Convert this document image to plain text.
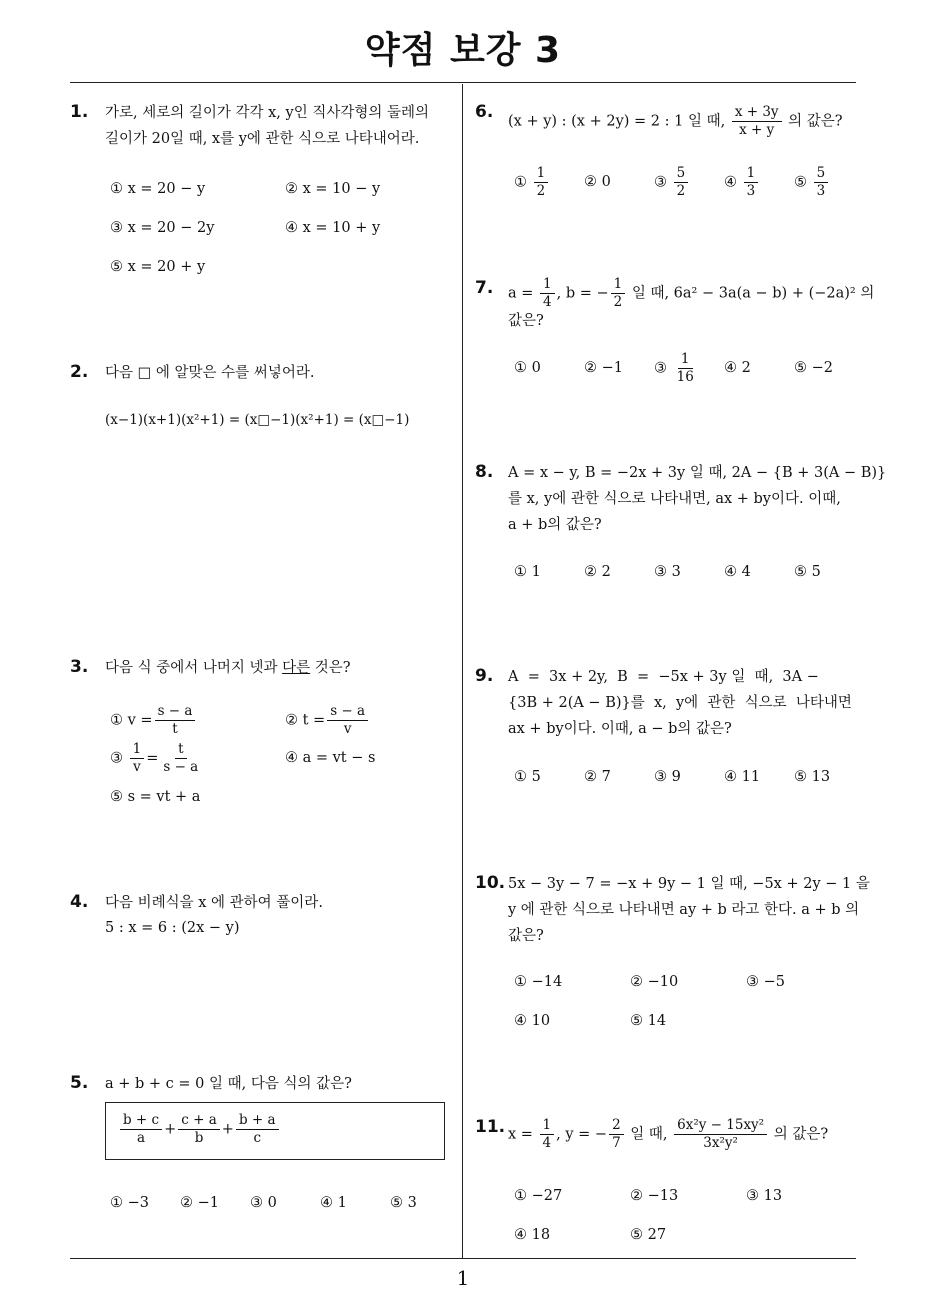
약점 보강 3
1
1. 가로, 세로의 길이가 각각 x, y인 직사각형의 둘레의
길이가 20일 때, x를 y에 관한 식으로 나타내어라.
① x = 20 − y	② x = 10 − y
③ x = 20 − 2y	④ x = 10 + y
⑤ x = 20 + y
2. 다음 □ 에 알맞은 수를 써넣어라.
(x−1)(x+1)(x²+1) = (x□−1)(x²+1) = (x□−1)
3. 다음 식 중에서 나머지 넷과 다른 것은?
① $v = \frac{s - a}{t}$	② $t = \frac{s - a}{v}$
③ $\frac{1}{v} = \frac{t}{s - a}$	④ a = vt − s
⑤ s = vt + a
4. 다음 비례식을 x 에 관하여 풀이라.
5 : x = 6 : (2x − y)
5. a + b + c = 0 일 때, 다음 식의 값은?
$\frac{b + c}{a} + \frac{c + a}{b} + \frac{b + a}{c}$
① −3 ② −1 ③ 0	④ 1	⑤ 3
6. (x + y) : (x + 2y) = 2 : 1 일 때, $\frac{x + 3y}{x + y}$ 의 값은?
① $\frac{1}{2}$ ② 0	③ $\frac{5}{2}$ ④ $\frac{1}{3}$ ⑤ $\frac{5}{3}$
7. $a = \frac{1}{4}$ , b = − $\frac{1}{2}$ 일 때, 6a² − 3a(a − b) + (−2a)² 의
값은?
① 0	② −1 ③ $\frac{1}{16}$ ④ 2	⑤ −2
8. A = x − y, B = −2x + 3y 일 때, 2A − {B + 3(A − B)}
를 x, y에 관한 식으로 나타내면, ax + by이다. 이때,
a + b의 값은?
① 1	② 2	③ 3	④ 4	⑤ 5
9. A  =  3x + 2y,  B  =  −5x + 3y 일  때,  3A −
{3B + 2(A − B)}를  x,  y에  관한  식으로  나타내면
ax + by이다. 이때, a − b의 값은?
① 5	② 7	③ 9	④ 11 ⑤ 13
10. 5x − 3y − 7 = −x + 9y − 1 일 때, −5x + 2y − 1 을
y 에 관한 식으로 나타내면 ay + b 라고 한다. a + b 의
값은?
① −14	② −10	③ −5
④ 10	⑤ 14
11. $x = \frac{1}{4}$ , y = − $\frac{2}{7}$ 일 때, $\frac{\text{6x²y − 15xy²}}{\text{3x²y²}}$ 의 값은?
① −27	② −13	③ 13
④ 18	⑤ 27
